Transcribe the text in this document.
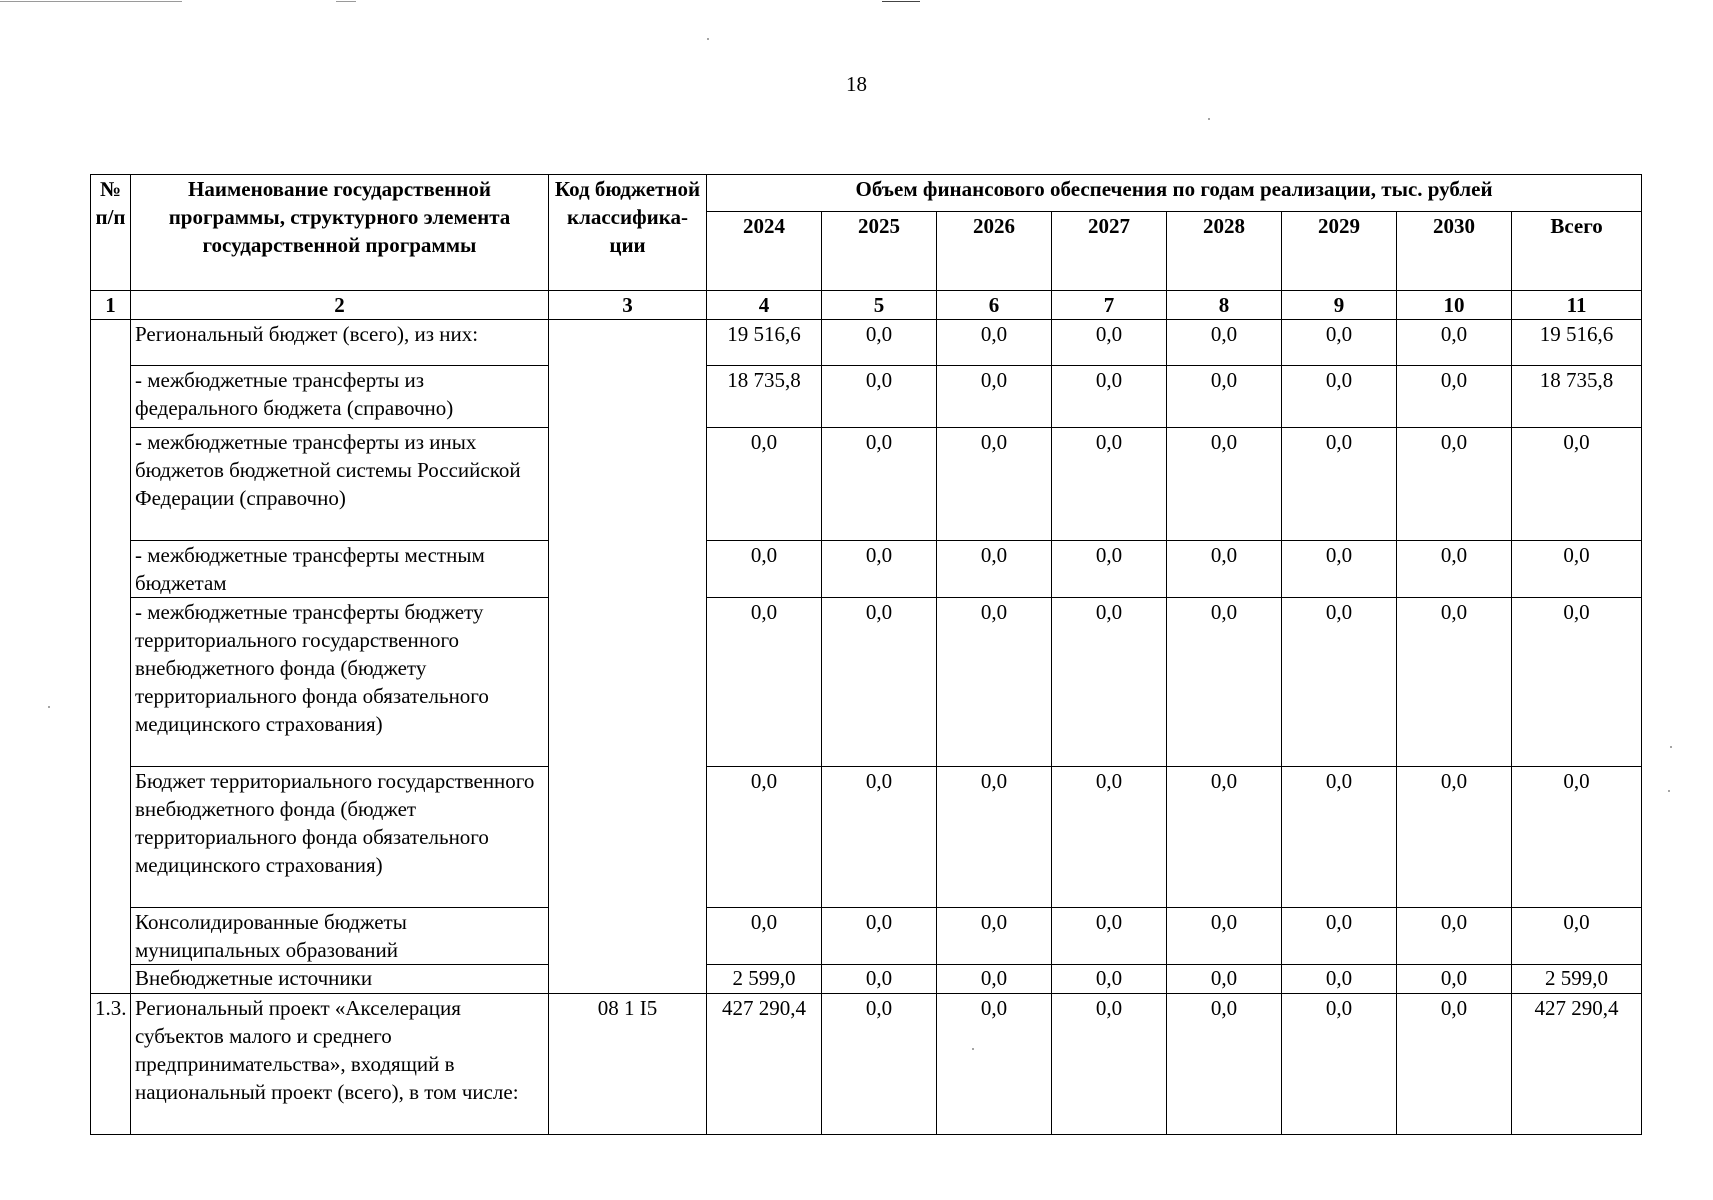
18
№ п/п	Наименование государственной программы, структурного элемента государственной программы	Код бюджетной классифика-ции	Объем финансового обеспечения по годам реализации, тыс. рублей							
			2024	2025	2026	2027	2028	2029	2030	Всего
1	2	3	4	5	6	7	8	9	10	11
	Региональный бюджет (всего), из них:		19 516,6	0,0	0,0	0,0	0,0	0,0	0,0	19 516,6
	- межбюджетные трансферты из федерального бюджета (справочно)		18 735,8	0,0	0,0	0,0	0,0	0,0	0,0	18 735,8
	- межбюджетные трансферты из иных бюджетов бюджетной системы Российской Федерации (справочно)		0,0	0,0	0,0	0,0	0,0	0,0	0,0	0,0
	- межбюджетные трансферты местным бюджетам		0,0	0,0	0,0	0,0	0,0	0,0	0,0	0,0
	- межбюджетные трансферты бюджету территориального государственного внебюджетного фонда (бюджету территориального фонда обязательного медицинского страхования)		0,0	0,0	0,0	0,0	0,0	0,0	0,0	0,0
	Бюджет территориального государственного внебюджетного фонда (бюджет территориального фонда обязательного медицинского страхования)		0,0	0,0	0,0	0,0	0,0	0,0	0,0	0,0
	Консолидированные бюджеты муниципальных образований		0,0	0,0	0,0	0,0	0,0	0,0	0,0	0,0
	Внебюджетные источники		2 599,0	0,0	0,0	0,0	0,0	0,0	0,0	2 599,0
1.3.	Региональный проект «Акселерация субъектов малого и среднего предпринимательства», входящий в национальный проект (всего), в том числе:	08 1 I5	427 290,4	0,0	0,0	0,0	0,0	0,0	0,0	427 290,4
